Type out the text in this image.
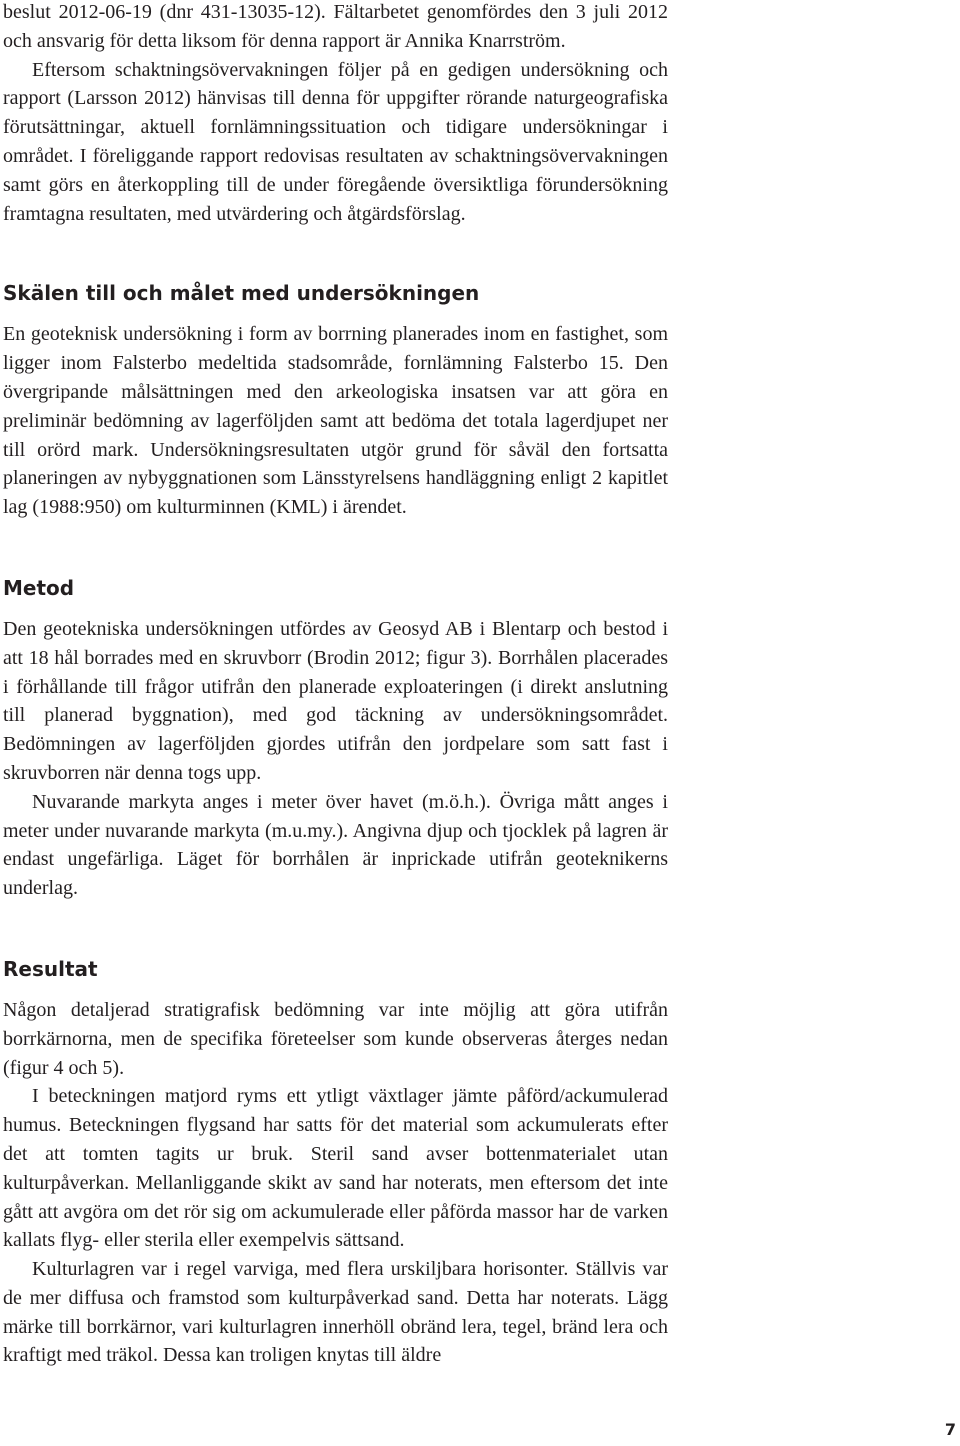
beslut 2012-06-19 (dnr 431-13035-12). Fältarbetet genomfördes den 3 juli 2012 och ansvarig för detta liksom för denna rapport är Annika Knarrström.

Eftersom schaktningsövervakningen följer på en gedigen undersökning och rapport (Larsson 2012) hänvisas till denna för uppgifter rörande naturgeografiska förutsättningar, aktuell fornlämningssituation och tidigare undersökningar i området. I föreliggande rapport redovisas resultaten av schaktningsövervakningen samt görs en återkoppling till de under föregående översiktliga förundersökning framtagna resultaten, med utvärdering och åtgärdsförslag.

Skälen till och målet med undersökningen

En geoteknisk undersökning i form av borrning planerades inom en fastighet, som ligger inom Falsterbo medeltida stadsområde, fornlämning Falsterbo 15. Den övergripande målsättningen med den arkeologiska insatsen var att göra en preliminär bedömning av lagerföljden samt att bedöma det totala lagerdjupet ner till orörd mark. Undersökningsresultaten utgör grund för såväl den fortsatta planeringen av nybyggnationen som Länsstyrelsens handläggning enligt 2 kapitlet lag (1988:950) om kulturminnen (KML) i ärendet.

Metod

Den geotekniska undersökningen utfördes av Geosyd AB i Blentarp och bestod i att 18 hål borrades med en skruvborr (Brodin 2012; figur 3). Borrhålen placerades i förhållande till frågor utifrån den planerade exploateringen (i direkt anslutning till planerad byggnation), med god täckning av undersökningsområdet. Bedömningen av lagerföljden gjordes utifrån den jordpelare som satt fast i skruvborren när denna togs upp.

Nuvarande markyta anges i meter över havet (m.ö.h.). Övriga mått anges i meter under nuvarande markyta (m.u.my.). Angivna djup och tjocklek på lagren är endast ungefärliga. Läget för borrhålen är inprickade utifrån geoteknikerns underlag.

Resultat

Någon detaljerad stratigrafisk bedömning var inte möjlig att göra utifrån borrkärnorna, men de specifika företeelser som kunde observeras återges nedan (figur 4 och 5).

I beteckningen matjord ryms ett ytligt växtlager jämte påförd/ackumulerad humus. Beteckningen flygsand har satts för det material som ackumulerats efter det att tomten tagits ur bruk. Steril sand avser bottenmaterialet utan kulturpåverkan. Mellanliggande skikt av sand har noterats, men eftersom det inte gått att avgöra om det rör sig om ackumulerade eller påförda massor har de varken kallats flyg- eller sterila eller exempelvis sättsand.

Kulturlagren var i regel varviga, med flera urskiljbara horisonter. Ställvis var de mer diffusa och framstod som kulturpåverkad sand. Detta har noterats. Lägg märke till borrkärnor, vari kulturlagren innerhöll obränd lera, tegel, bränd lera och kraftigt med träkol. Dessa kan troligen knytas till äldre

7
